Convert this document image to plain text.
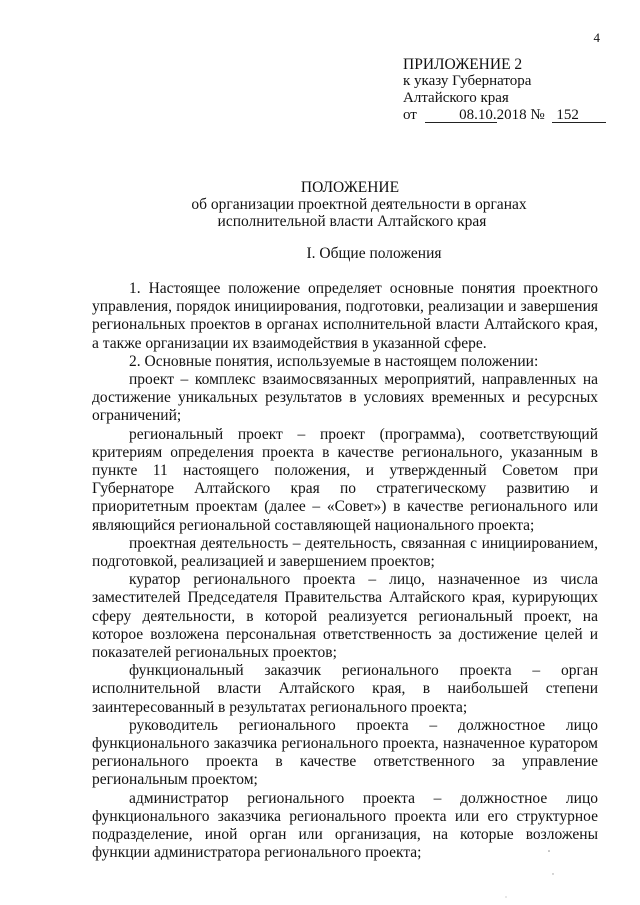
4
ПРИЛОЖЕНИЕ 2
к указу Губернатора
Алтайского края
от	08.10.2018 № 152
ПОЛОЖЕНИЕ
об организации проектной деятельности в органах
исполнительной власти Алтайского края
I. Общие положения

1. Настоящее положение определяет основные понятия проектного управления, порядок инициирования, подготовки, реализации и завершения региональных проектов в органах исполнительной власти Алтайского края, а также организации их взаимодействия в указанной сфере.

2. Основные понятия, используемые в настоящем положении:

проект – комплекс взаимосвязанных мероприятий, направленных на достижение уникальных результатов в условиях временных и ресурсных ограничений;

региональный проект – проект (программа), соответствующий критериям определения проекта в качестве регионального, указанным в пункте 11 настоящего положения, и утвержденный Советом при Губернаторе Алтайского края по стратегическому развитию и приоритетным проектам (далее – «Совет») в качестве регионального или являющийся региональной составляющей национального проекта;

проектная деятельность – деятельность, связанная с инициированием, подготовкой, реализацией и завершением проектов;

куратор регионального проекта – лицо, назначенное из числа заместителей Председателя Правительства Алтайского края, курирующих сферу деятельности, в которой реализуется региональный проект, на которое возложена персональная ответственность за достижение целей и показателей региональных проектов;

функциональный заказчик регионального проекта – орган исполнительной власти Алтайского края, в наибольшей степени заинтересованный в результатах регионального проекта;

руководитель регионального проекта – должностное лицо функционального заказчика регионального проекта, назначенное куратором регионального проекта в качестве ответственного за управление региональным проектом;

администратор регионального проекта – должностное лицо функционального заказчика регионального проекта или его структурное подразделение, иной орган или организация, на которые возложены функции администратора регионального проекта;
